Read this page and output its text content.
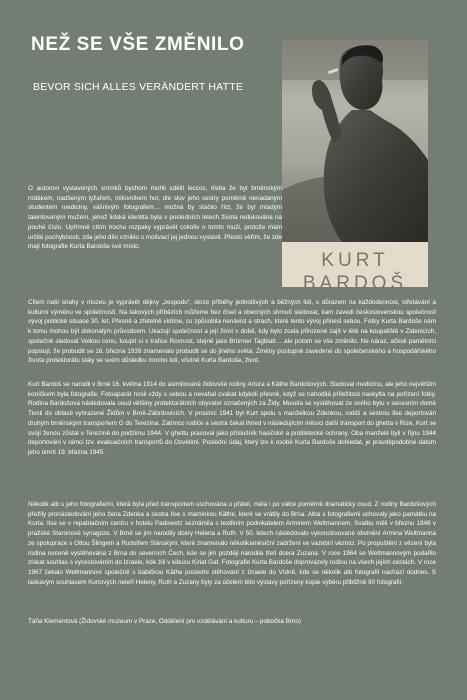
NEŽ SE VŠE ZMĚNILO
BEVOR SICH ALLES VERÄNDERT HATTE
KURT
BARDOŠ
O autorovi vystavených snímků bychom mohli sdělit leccos, třeba že byl brněnským rodákem, nadšeným lyžařem, milovníkem hor, dle slov jeho sestry poměrně nenadaným studentem medicíny, vášnivým fotografem… možná by stačilo říct, že byl mladým talentovaným mužem, jehož lidská identita byla v posledních letech života redukována na pouhé číslo. Upřímně cítím trochu rozpaky vyprávět cokoliv o tomto muži, protože mám určité pochybnosti, zda jeho dílo vzniklo s motivací jej jednou vystavit. Přesto věřím, že zde mají fotografie Kurta Bardoše své místo.
Cílem naší snahy v muzeu je vyprávět dějiny „zespodu“, skrze příběhy jednotlivých a běžných lidí, s důrazem na každodennost, střetávání a kulturní výměnu ve společnosti. Na takových příbězích můžeme bez čísel a obecných shrnutí sledovat, kam zavedl československou společnost vývoj politické situace 30. let. Přesně a zřetelně vidíme, co způsobila nenávist a strach, které tento vývoj přinesl sebou. Fotky Kurta Bardoše nám k tomu mohou být dokonalým průvodcem. Ukazují společnost a její život v době, kdy bylo zcela přirozené zajít v létě na koupaliště v Zidenicích, společně sledovat Velkou cenu, koupit si v trafice Rovnost, stejně jako Brünner Tagblatt… ale potom se vše změnilo. Ne náraz, ačkoli pamětníci popisují, že probudit se 16. března 1939 znamenalo probudit se do jiného světa. Změny postupně zavedené do společenského a hospodářského života protektorátu stály ve svém důsledku mnoho lidí, včetně Kurta Bardoše, život.
Kurt Bardoš se narodil v Brně 16. května 1914 do asimilované židovské rodiny Artura a Käthe Bardošových. Studoval medicínu, ale jeho největším koníčkem byla fotografie. Fotoaparát nosil vždy s sebou a nevahal cvakat kdykoli přesně, když se nahodilá příležitost naskytla na pořízení fotky. Rodina Bardošova následovala osud většiny protektorátních obyvatel označených za Židy. Musela se vystěhovat ze svého bytu v secesním domě Tivoli do oblasti vyhrazené Židům v Brně-Zábrdovicích. V prosinci 1941 byl Kurt spolu s manželkou Zdenkou, rodiči a sestrou Ilse deportován druhým brněnským transportem G do Terezína. Zatímco rodiče a sestra čekal ihned v následujícím měsíci další transport do ghetta v Rize, Kurt se svojí ženou zůstal v Terezíně do podzimu 1944. V ghettu pracoval jako příslušník hasičské a protiletecké ochrany. Oba manželé byli v říjnu 1944 deportováni v rámci tzv. evakuačních transportů do Osvětimi. Poslední údaj, který lze k osobě Kurta Bardoše dohledat, je pravděpodobné datum jeho úmrtí 19. března 1945.
Několik alb s jeho fotografiemi, která byla před transportem uschována u přátel, měla i po válce poměrně dramatický osud. Z rodiny Bardošových přežily pronásledování jeho žena Zdenka a sestra Ilse s maminkou Käthe, které se vrátily do Brna. Alba s fotografiemi uchovaly jako památku na Kurta. Ilse se v repatriačním centru v hotelu Padowetz seznámila s textilním podnikatelem Arminem Weltmannem. Svatbu měli v březnu 1946 v pražské Staronové synagoze. V Brně se jim narodily dcery Helena a Ruth. V 50. letech následovalo vykonstruované obvinění Armina Weltmanna ze spolupráce s Ottou Šlingem a Rudolfem Slánským, které znamenalo několikaměsíční zadržení ve vazební věznici. Po propuštění z vězení byla rodina nuceně vystěhována z Brna do severních Čech, kde se jim později narodila třetí dcera Zuzana. V roce 1964 se Weltmannovým podařilo získat souhlas s vycestováním do Izraele, kde žili v kibucu Kiriat Gat. Fotografie Kurta Bardoše doprovázely rodinu na všech jejích cestách. V roce 1967 čekalo Weltmannovi společně s babičkou Käthe poslední stěhování z Izraele do Vídně, kde se několik alb fotografií nachází dodnes. S laskavým souhlasem Kurtových neteří Heleny, Ruth a Zuzany byly za účelem této výstavy pořízeny kopie výběru přibližně 80 fotografií.
Táňa Klementová (Židovské muzeum v Praze, Oddělení pro vzdělávání a kulturu – pobočka Brno)
